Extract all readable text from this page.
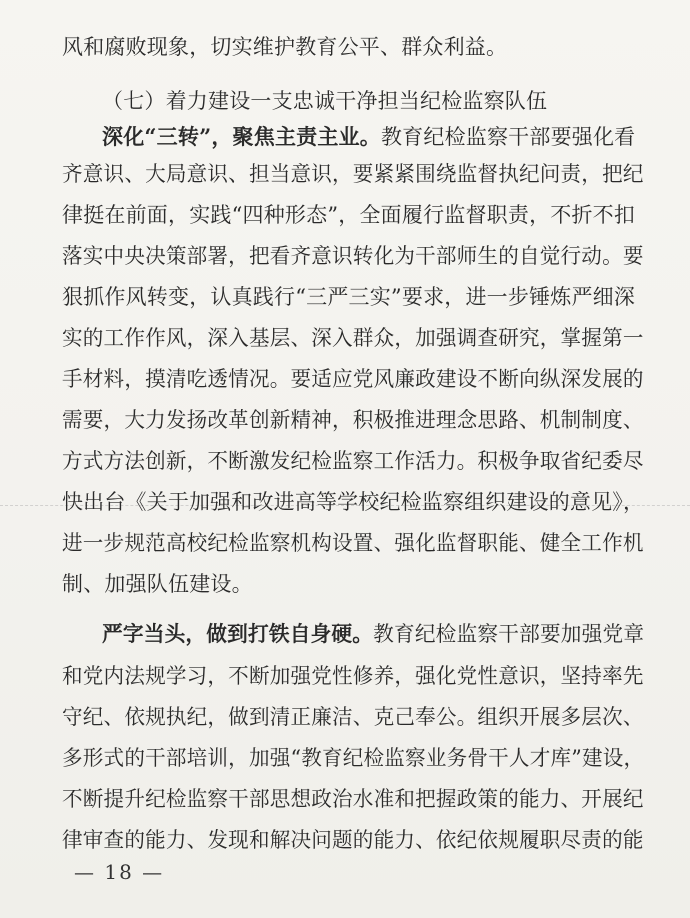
风和腐败现象，切实维护教育公平、群众利益。
（七）着力建设一支忠诚干净担当纪检监察队伍
深化“三转”，聚焦主责主业。教育纪检监察干部要强化看
齐意识、大局意识、担当意识，要紧紧围绕监督执纪问责，把纪
律挺在前面，实践“四种形态”，全面履行监督职责，不折不扣
落实中央决策部署，把看齐意识转化为干部师生的自觉行动。要
狠抓作风转变，认真践行“三严三实”要求，进一步锤炼严细深
实的工作作风，深入基层、深入群众，加强调查研究，掌握第一
手材料，摸清吃透情况。要适应党风廉政建设不断向纵深发展的
需要，大力发扬改革创新精神，积极推进理念思路、机制制度、
方式方法创新，不断激发纪检监察工作活力。积极争取省纪委尽
快出台《关于加强和改进高等学校纪检监察组织建设的意见》，
进一步规范高校纪检监察机构设置、强化监督职能、健全工作机
制、加强队伍建设。
严字当头，做到打铁自身硬。教育纪检监察干部要加强党章
和党内法规学习，不断加强党性修养，强化党性意识，坚持率先
守纪、依规执纪，做到清正廉洁、克己奉公。组织开展多层次、
多形式的干部培训，加强“教育纪检监察业务骨干人才库”建设，
不断提升纪检监察干部思想政治水准和把握政策的能力、开展纪
律审查的能力、发现和解决问题的能力、依纪依规履职尽责的能
— 18 —
